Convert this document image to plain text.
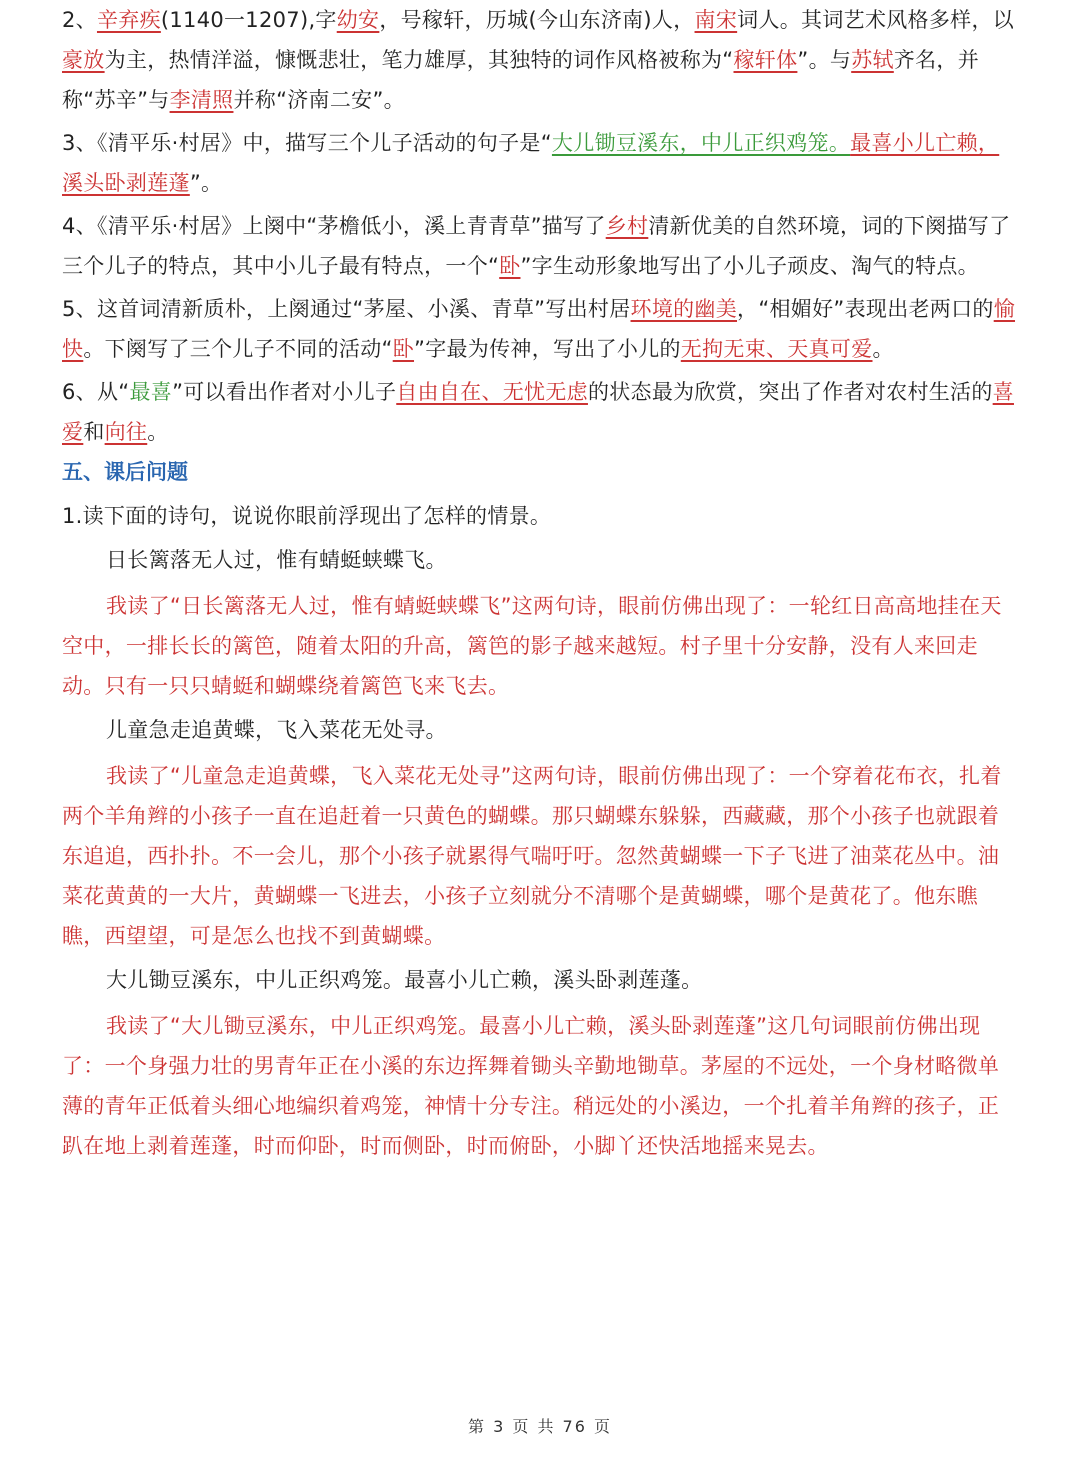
2、辛弃疾(1140一1207),字幼安，号稼轩，历城(今山东济南)人，南宋词人。其词艺术风格多样，以豪放为主，热情洋溢，慷慨悲壮，笔力雄厚，其独特的词作风格被称为“稼轩体”。与苏轼齐名，并称“苏辛”与李清照并称“济南二安”。

3、《清平乐·村居》中，描写三个儿子活动的句子是“大儿锄豆溪东，中儿正织鸡笼。最喜小儿亡赖，溪头卧剥莲蓬”。

4、《清平乐·村居》上阕中“茅檐低小，溪上青青草”描写了乡村清新优美的自然环境，词的下阕描写了三个儿子的特点，其中小儿子最有特点，一个“卧”字生动形象地写出了小儿子顽皮、淘气的特点。

5、这首词清新质朴，上阕通过“茅屋、小溪、青草”写出村居环境的幽美，“相媚好”表现出老两口的愉快。下阕写了三个儿子不同的活动“卧”字最为传神，写出了小儿的无拘无束、天真可爱。

6、从“最喜”可以看出作者对小儿子自由自在、无忧无虑的状态最为欣赏，突出了作者对农村生活的喜爱和向往。

五、课后问题

1.读下面的诗句，说说你眼前浮现出了怎样的情景。

日长篱落无人过，惟有蜻蜓蛱蝶飞。

我读了“日长篱落无人过，惟有蜻蜓蛱蝶飞”这两句诗，眼前仿佛出现了：一轮红日高高地挂在天空中，一排长长的篱笆，随着太阳的升高，篱笆的影子越来越短。村子里十分安静，没有人来回走动。只有一只只蜻蜓和蝴蝶绕着篱笆飞来飞去。

儿童急走追黄蝶，飞入菜花无处寻。

我读了“儿童急走追黄蝶，飞入菜花无处寻”这两句诗，眼前仿佛出现了：一个穿着花布衣，扎着两个羊角辫的小孩子一直在追赶着一只黄色的蝴蝶。那只蝴蝶东躲躲，西藏藏，那个小孩子也就跟着东追追，西扑扑。不一会儿，那个小孩子就累得气喘吁吁。忽然黄蝴蝶一下子飞进了油菜花丛中。油菜花黄黄的一大片，黄蝴蝶一飞进去，小孩子立刻就分不清哪个是黄蝴蝶，哪个是黄花了。他东瞧瞧，西望望，可是怎么也找不到黄蝴蝶。

大儿锄豆溪东，中儿正织鸡笼。最喜小儿亡赖，溪头卧剥莲蓬。

我读了“大儿锄豆溪东，中儿正织鸡笼。最喜小儿亡赖，溪头卧剥莲蓬”这几句词眼前仿佛出现了：一个身强力壮的男青年正在小溪的东边挥舞着锄头辛勤地锄草。茅屋的不远处，一个身材略微单薄的青年正低着头细心地编织着鸡笼，神情十分专注。稍远处的小溪边，一个扎着羊角辫的孩子，正趴在地上剥着莲蓬，时而仰卧，时而侧卧，时而俯卧，小脚丫还快活地摇来晃去。

第 3 页 共 76 页
